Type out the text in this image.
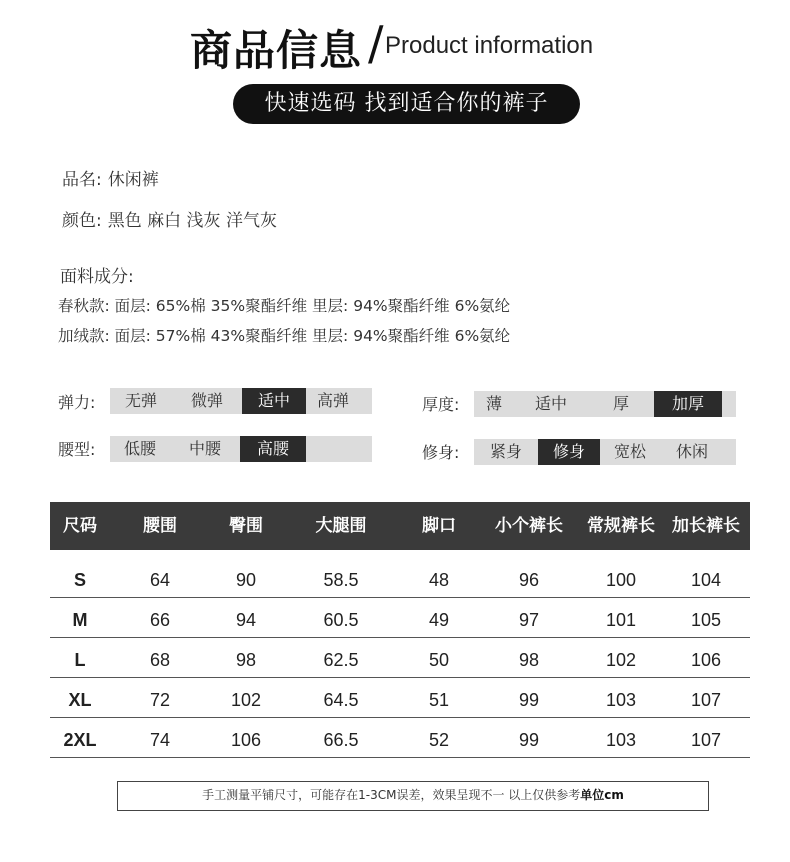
商品信息 / Product information
快速选码 找到适合你的裤子
品名: 休闲裤
颜色: 黑色 麻白 浅灰 洋气灰
面料成分:
春秋款: 面层: 65%棉 35%聚酯纤维 里层: 94%聚酯纤维 6%氨纶
加绒款: 面层: 57%棉 43%聚酯纤维 里层: 94%聚酯纤维 6%氨纶
弹力:	无弹	微弹	适中	高弹	厚度:	薄	适中	厚	加厚
腰型:	低腰	中腰	高腰	修身:	紧身	修身	宽松	休闲
尺码	腰围	臀围	大腿围	脚口	小个裤长	常规裤长	加长裤长
S	64	90	58.5	48	96	100	104
M	66	94	60.5	49	97	101	105
L	68	98	62.5	50	98	102	106
XL	72	102	64.5	51	99	103	107
2XL	74	106	66.5	52	99	103	107
手工测量平铺尺寸，可能存在1-3CM误差，效果呈现不一 以上仅供参考单位cm
